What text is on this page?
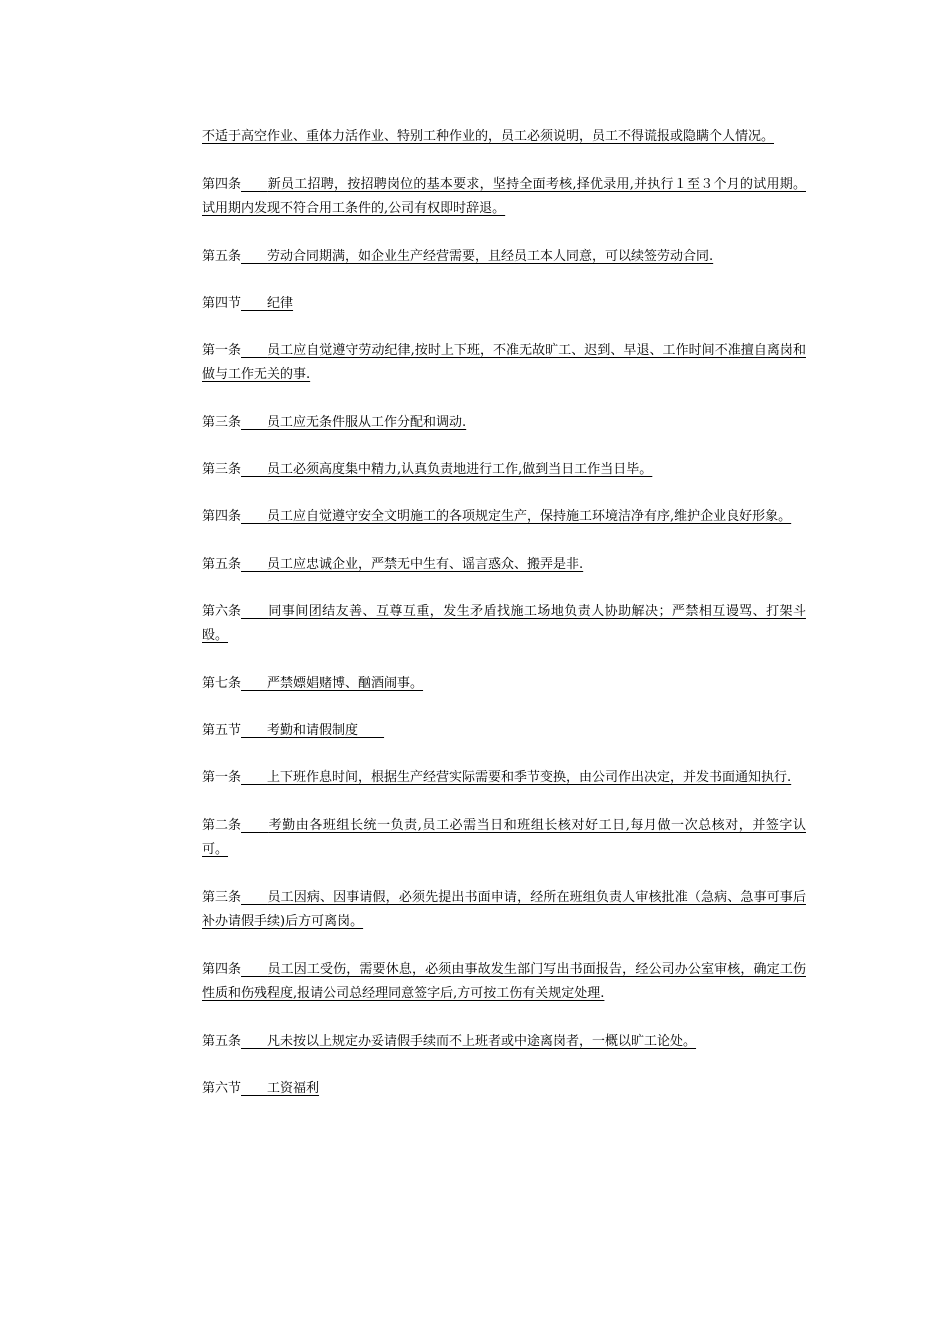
不适于高空作业、重体力活作业、特别工种作业的，员工必须说明，员工不得谎报或隐瞒个人情况。

第四条　　 新员工招聘，按招聘岗位的基本要求，坚持全面考核,择优录用,并执行１至３个月的试用期。试用期内发现不符合用工条件的,公司有权即时辞退。

第五条　　 劳动合同期满，如企业生产经营需要，且经员工本人同意，可以续签劳动合同.

第四节　　 纪律

第一条　　 员工应自觉遵守劳动纪律,按时上下班，不准无故旷工、迟到、早退、工作时间不准擅自离岗和做与工作无关的事.

第三条　　 员工应无条件服从工作分配和调动.

第三条　　 员工必须高度集中精力,认真负责地进行工作,做到当日工作当日毕。

第四条　　 员工应自觉遵守安全文明施工的各项规定生产，保持施工环境洁净有序,维护企业良好形象。

第五条　　 员工应忠诚企业，严禁无中生有、谣言惑众、搬弄是非.

第六条　　 同事间团结友善、互尊互重，发生矛盾找施工场地负责人协助解决；严禁相互谩骂、打架斗殴。

第七条　　 严禁嫖娼赌博、酗酒闹事。

第五节　　 考勤和请假制度　　

第一条　　 上下班作息时间，根据生产经营实际需要和季节变换，由公司作出决定，并发书面通知执行.

第二条　　 考勤由各班组长统一负责,员工必需当日和班组长核对好工日,每月做一次总核对，并签字认可。

第三条　　 员工因病、因事请假，必须先提出书面申请，经所在班组负责人审核批准（急病、急事可事后补办请假手续)后方可离岗。

第四条　　 员工因工受伤，需要休息，必须由事故发生部门写出书面报告，经公司办公室审核，确定工伤性质和伤残程度,报请公司总经理同意签字后,方可按工伤有关规定处理.

第五条　　 凡未按以上规定办妥请假手续而不上班者或中途离岗者，一概以旷工论处。

第六节　　 工资福利
